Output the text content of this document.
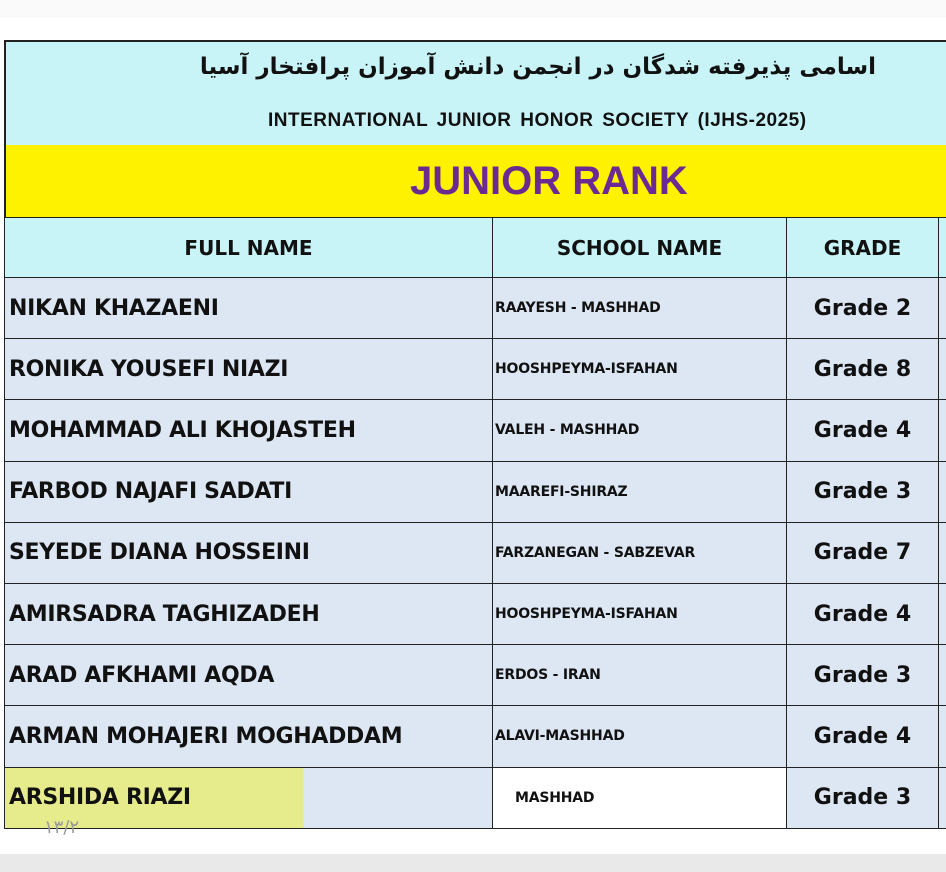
اسامی پذیرفته شدگان در انجمن دانش آموزان پرافتخار آسیا
INTERNATIONAL JUNIOR HONOR SOCIETY (IJHS-2025)
JUNIOR RANK
FULL NAME	SCHOOL NAME	GRADE	
NIKAN KHAZAENI	RAAYESH - MASHHAD	Grade 2	
RONIKA YOUSEFI NIAZI	HOOSHPEYMA-ISFAHAN	Grade 8	
MOHAMMAD ALI KHOJASTEH	VALEH - MASHHAD	Grade 4	
FARBOD NAJAFI SADATI	MAAREFI-SHIRAZ	Grade 3	
SEYEDE DIANA HOSSEINI	FARZANEGAN - SABZEVAR	Grade 7	
AMIRSADRA TAGHIZADEH	HOOSHPEYMA-ISFAHAN	Grade 4	
ARAD AFKHAMI AQDA	ERDOS - IRAN	Grade 3	
ARMAN MOHAJERI MOGHADDAM	ALAVI-MASHHAD	Grade 4	
ARSHIDA RIAZI	MASHHAD	Grade 3	
۱۳/۲
